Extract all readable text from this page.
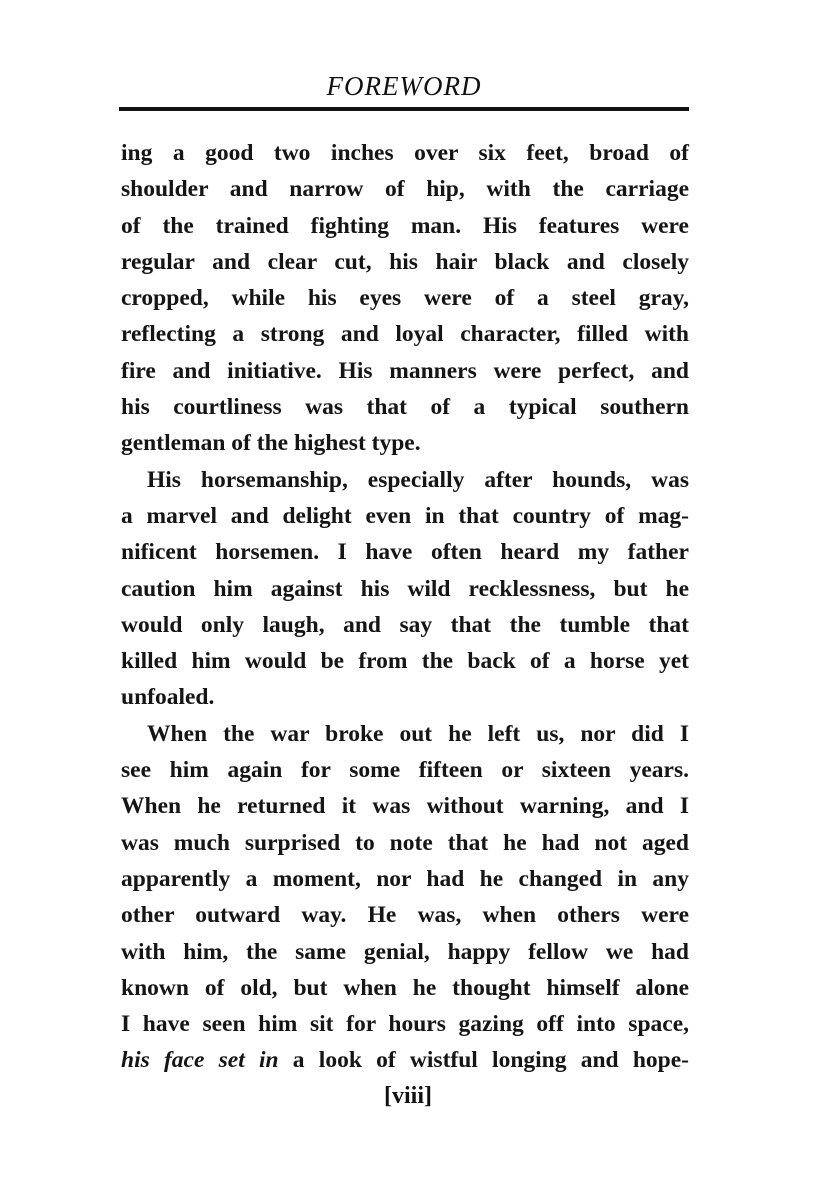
FOREWORD
ing a good two inches over six feet, broad of
shoulder and narrow of hip, with the carriage
of the trained fighting man. His features were
regular and clear cut, his hair black and closely
cropped, while his eyes were of a steel gray,
reflecting a strong and loyal character, filled with
fire and initiative. His manners were perfect, and
his courtliness was that of a typical southern
gentleman of the highest type.
His horsemanship, especially after hounds, was
a marvel and delight even in that country of mag-
nificent horsemen. I have often heard my father
caution him against his wild recklessness, but he
would only laugh, and say that the tumble that
killed him would be from the back of a horse yet
unfoaled.
When the war broke out he left us, nor did I
see him again for some fifteen or sixteen years.
When he returned it was without warning, and I
was much surprised to note that he had not aged
apparently a moment, nor had he changed in any
other outward way. He was, when others were
with him, the same genial, happy fellow we had
known of old, but when he thought himself alone
I have seen him sit for hours gazing off into space,
his face set in a look of wistful longing and hope-
[viii]
